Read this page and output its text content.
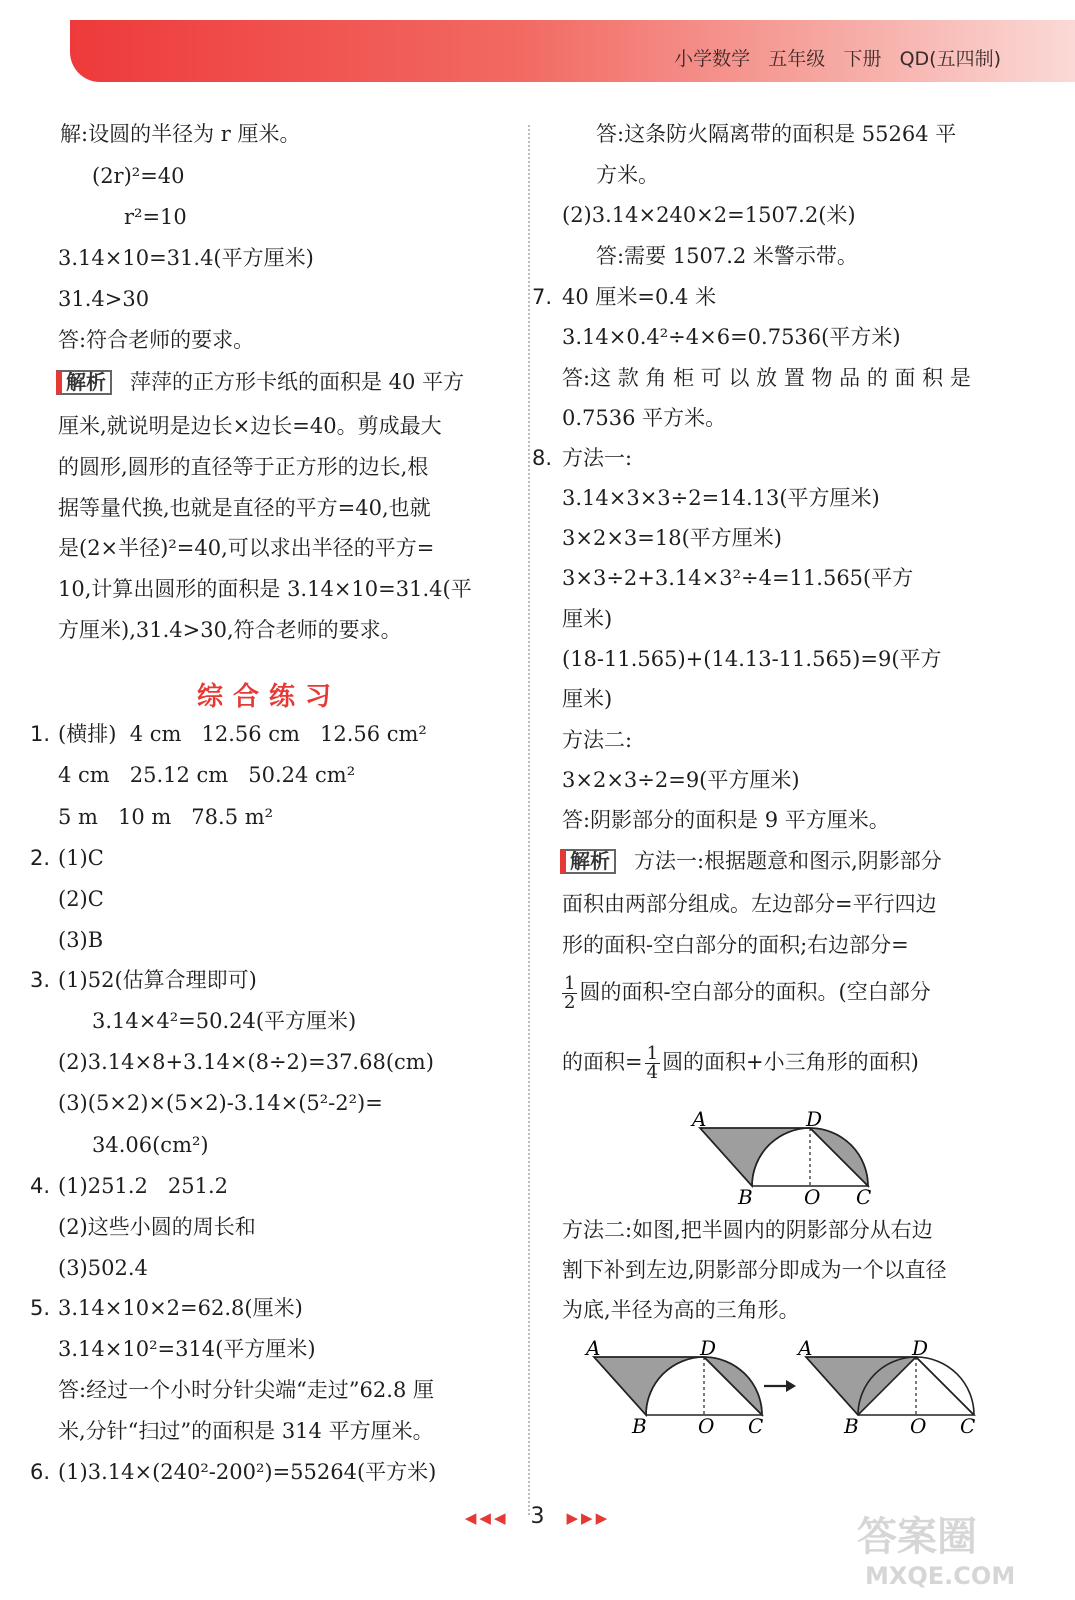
小学数学 五年级 下册 QD(五四制)
解:设圆的半径为 r 厘米。
(2r)²=40
r²=10
3.14×10=31.4(平方厘米)
31.4>30
答:符合老师的要求。
解析 萍萍的正方形卡纸的面积是 40 平方
厘米,就说明是边长×边长=40。剪成最大
的圆形,圆形的直径等于正方形的边长,根
据等量代换,也就是直径的平方=40,也就
是(2×半径)²=40,可以求出半径的平方=
10,计算出圆形的面积是 3.14×10=31.4(平
方厘米),31.4>30,符合老师的要求。
综合练习
1. (横排)  4 cm   12.56 cm   12.56 cm²
4 cm   25.12 cm   50.24 cm²
5 m   10 m   78.5 m²
2. (1)C
(2)C
(3)B
3. (1)52(估算合理即可)
3.14×4²=50.24(平方厘米)
(2)3.14×8+3.14×(8÷2)=37.68(cm)
(3)(5×2)×(5×2)-3.14×(5²-2²)=
34.06(cm²)
4. (1)251.2   251.2
(2)这些小圆的周长和
(3)502.4
5. 3.14×10×2=62.8(厘米)
3.14×10²=314(平方厘米)
答:经过一个小时分针尖端“走过”62.8 厘
米,分针“扫过”的面积是 314 平方厘米。
6. (1)3.14×(240²-200²)=55264(平方米)
答:这条防火隔离带的面积是 55264 平
方米。
(2)3.14×240×2=1507.2(米)
答:需要 1507.2 米警示带。
7. 40 厘米=0.4 米
3.14×0.4²÷4×6=0.7536(平方米)
答:这 款 角 柜 可 以 放 置 物 品 的 面 积 是
0.7536 平方米。
8. 方法一:
3.14×3×3÷2=14.13(平方厘米)
3×2×3=18(平方厘米)
3×3÷2+3.14×3²÷4=11.565(平方
厘米)
(18-11.565)+(14.13-11.565)=9(平方
厘米)
方法二:
3×2×3÷2=9(平方厘米)
答:阴影部分的面积是 9 平方厘米。
解析 方法一:根据题意和图示,阴影部分
面积由两部分组成。左边部分=平行四边
形的面积-空白部分的面积;右边部分=
$\frac{1}{2}$ 圆的面积-空白部分的面积。(空白部分
的面积= $\frac{1}{4}$ 圆的面积+小三角形的面积)
A	D
B	O C
方法二:如图,把半圆内的阴影部分从右边
割下补到左边,阴影部分即成为一个以直径
为底,半径为高的三角形。
A	D
B	O C
A	D
B	O C
◀◀◀ 3 ▶▶▶	答案圈
MXQE.COM
